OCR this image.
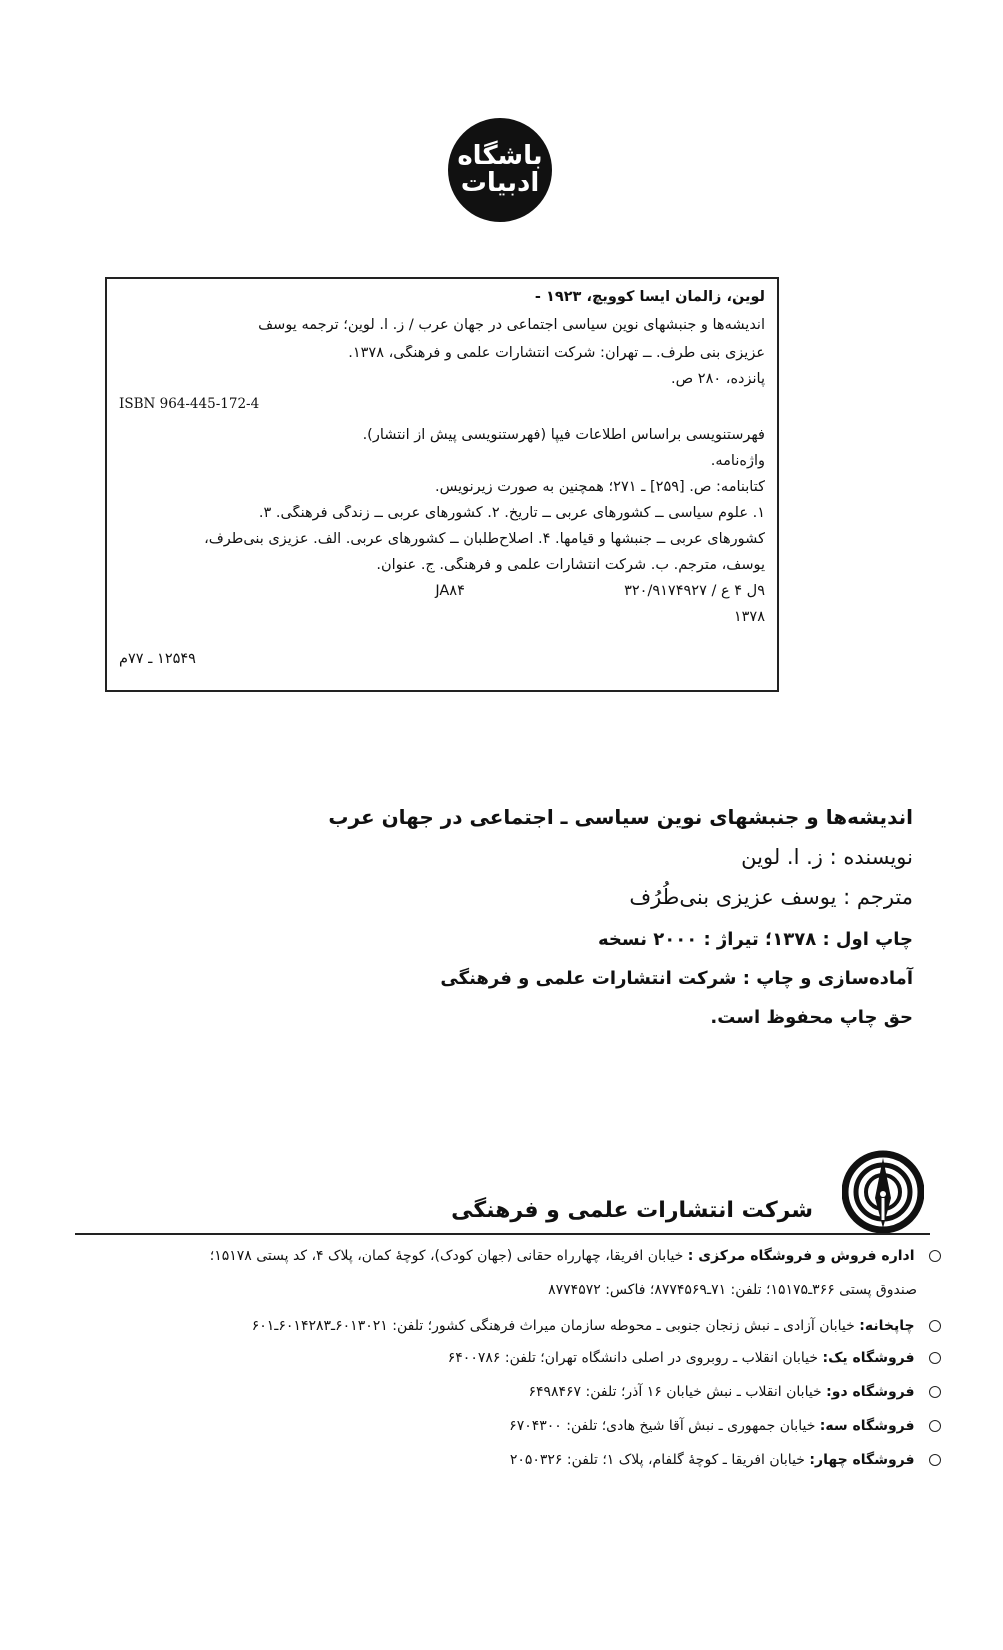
باشگاه
ادبیات
لوین، زالمان ایسا کوویچ، ۱۹۲۳ -
اندیشه‌ها و جنبشهای نوین سیاسی اجتماعی در جهان عرب / ز. ا. لوین؛ ترجمه یوسف
عزیزی بنی طرف. ــ تهران: شرکت انتشارات علمی و فرهنگی، ۱۳۷۸.
پانزده، ۲۸۰ ص.
ISBN 964-445-172-4
فهرستنویسی براساس اطلاعات فیپا (فهرستنویسی پیش از انتشار).
واژه‌نامه.
کتابنامه: ص. [۲۵۹] ـ ۲۷۱؛ همچنین به صورت زیرنویس.
۱. علوم سیاسی ــ کشورهای عربی ــ تاریخ. ۲. کشورهای عربی ــ زندگی فرهنگی. ۳.
کشورهای عربی ــ جنبشها و قیامها. ۴. اصلاح‌طلبان ــ کشورهای عربی. الف. عزیزی بنی‌طرف،
یوسف، مترجم. ب. شرکت انتشارات علمی و فرهنگی. ج. عنوان.
۹ل ۴ ع / JA۸۴  ۳۲۰/۹۱۷۴۹۲۷
۱۳۷۸
۱۲۵۴۹ ـ ۷۷م
اندیشه‌ها و جنبشهای نوین سیاسی ـ اجتماعی در جهان عرب
نویسنده : ز. ا. لوین
مترجم : یوسف عزیزی بنی‌طُرُف
چاپ اول : ۱۳۷۸؛ تیراژ : ۲۰۰۰ نسخه
آماده‌سازی و چاپ : شرکت انتشارات علمی و فرهنگی
حق چاپ محفوظ است.
شرکت انتشارات علمی و فرهنگی
اداره فروش و فروشگاه مرکزی : خیابان افریقا، چهارراه حقانی (جهان کودک)، کوچهٔ کمان، پلاک ۴، کد پستی ۱۵۱۷۸؛
صندوق پستی ۳۶۶ـ۱۵۱۷۵؛ تلفن: ۷۱ـ۸۷۷۴۵۶۹؛ فاکس: ۸۷۷۴۵۷۲
چاپخانه: خیابان آزادی ـ نبش زنجان جنوبی ـ محوطه سازمان میراث فرهنگی کشور؛ تلفن: ۶۰۱۳۰۲۱ـ۶۰۱۴۲۸۳ـ۶۰۱
فروشگاه یک: خیابان انقلاب ـ روبروی در اصلی دانشگاه تهران؛ تلفن: ۶۴۰۰۷۸۶
فروشگاه دو: خیابان انقلاب ـ نبش خیابان ۱۶ آذر؛ تلفن: ۶۴۹۸۴۶۷
فروشگاه سه: خیابان جمهوری ـ نبش آقا شیخ هادی؛ تلفن: ۶۷۰۴۳۰۰
فروشگاه چهار: خیابان افریقا ـ کوچهٔ گلفام، پلاک ۱؛ تلفن: ۲۰۵۰۳۲۶
